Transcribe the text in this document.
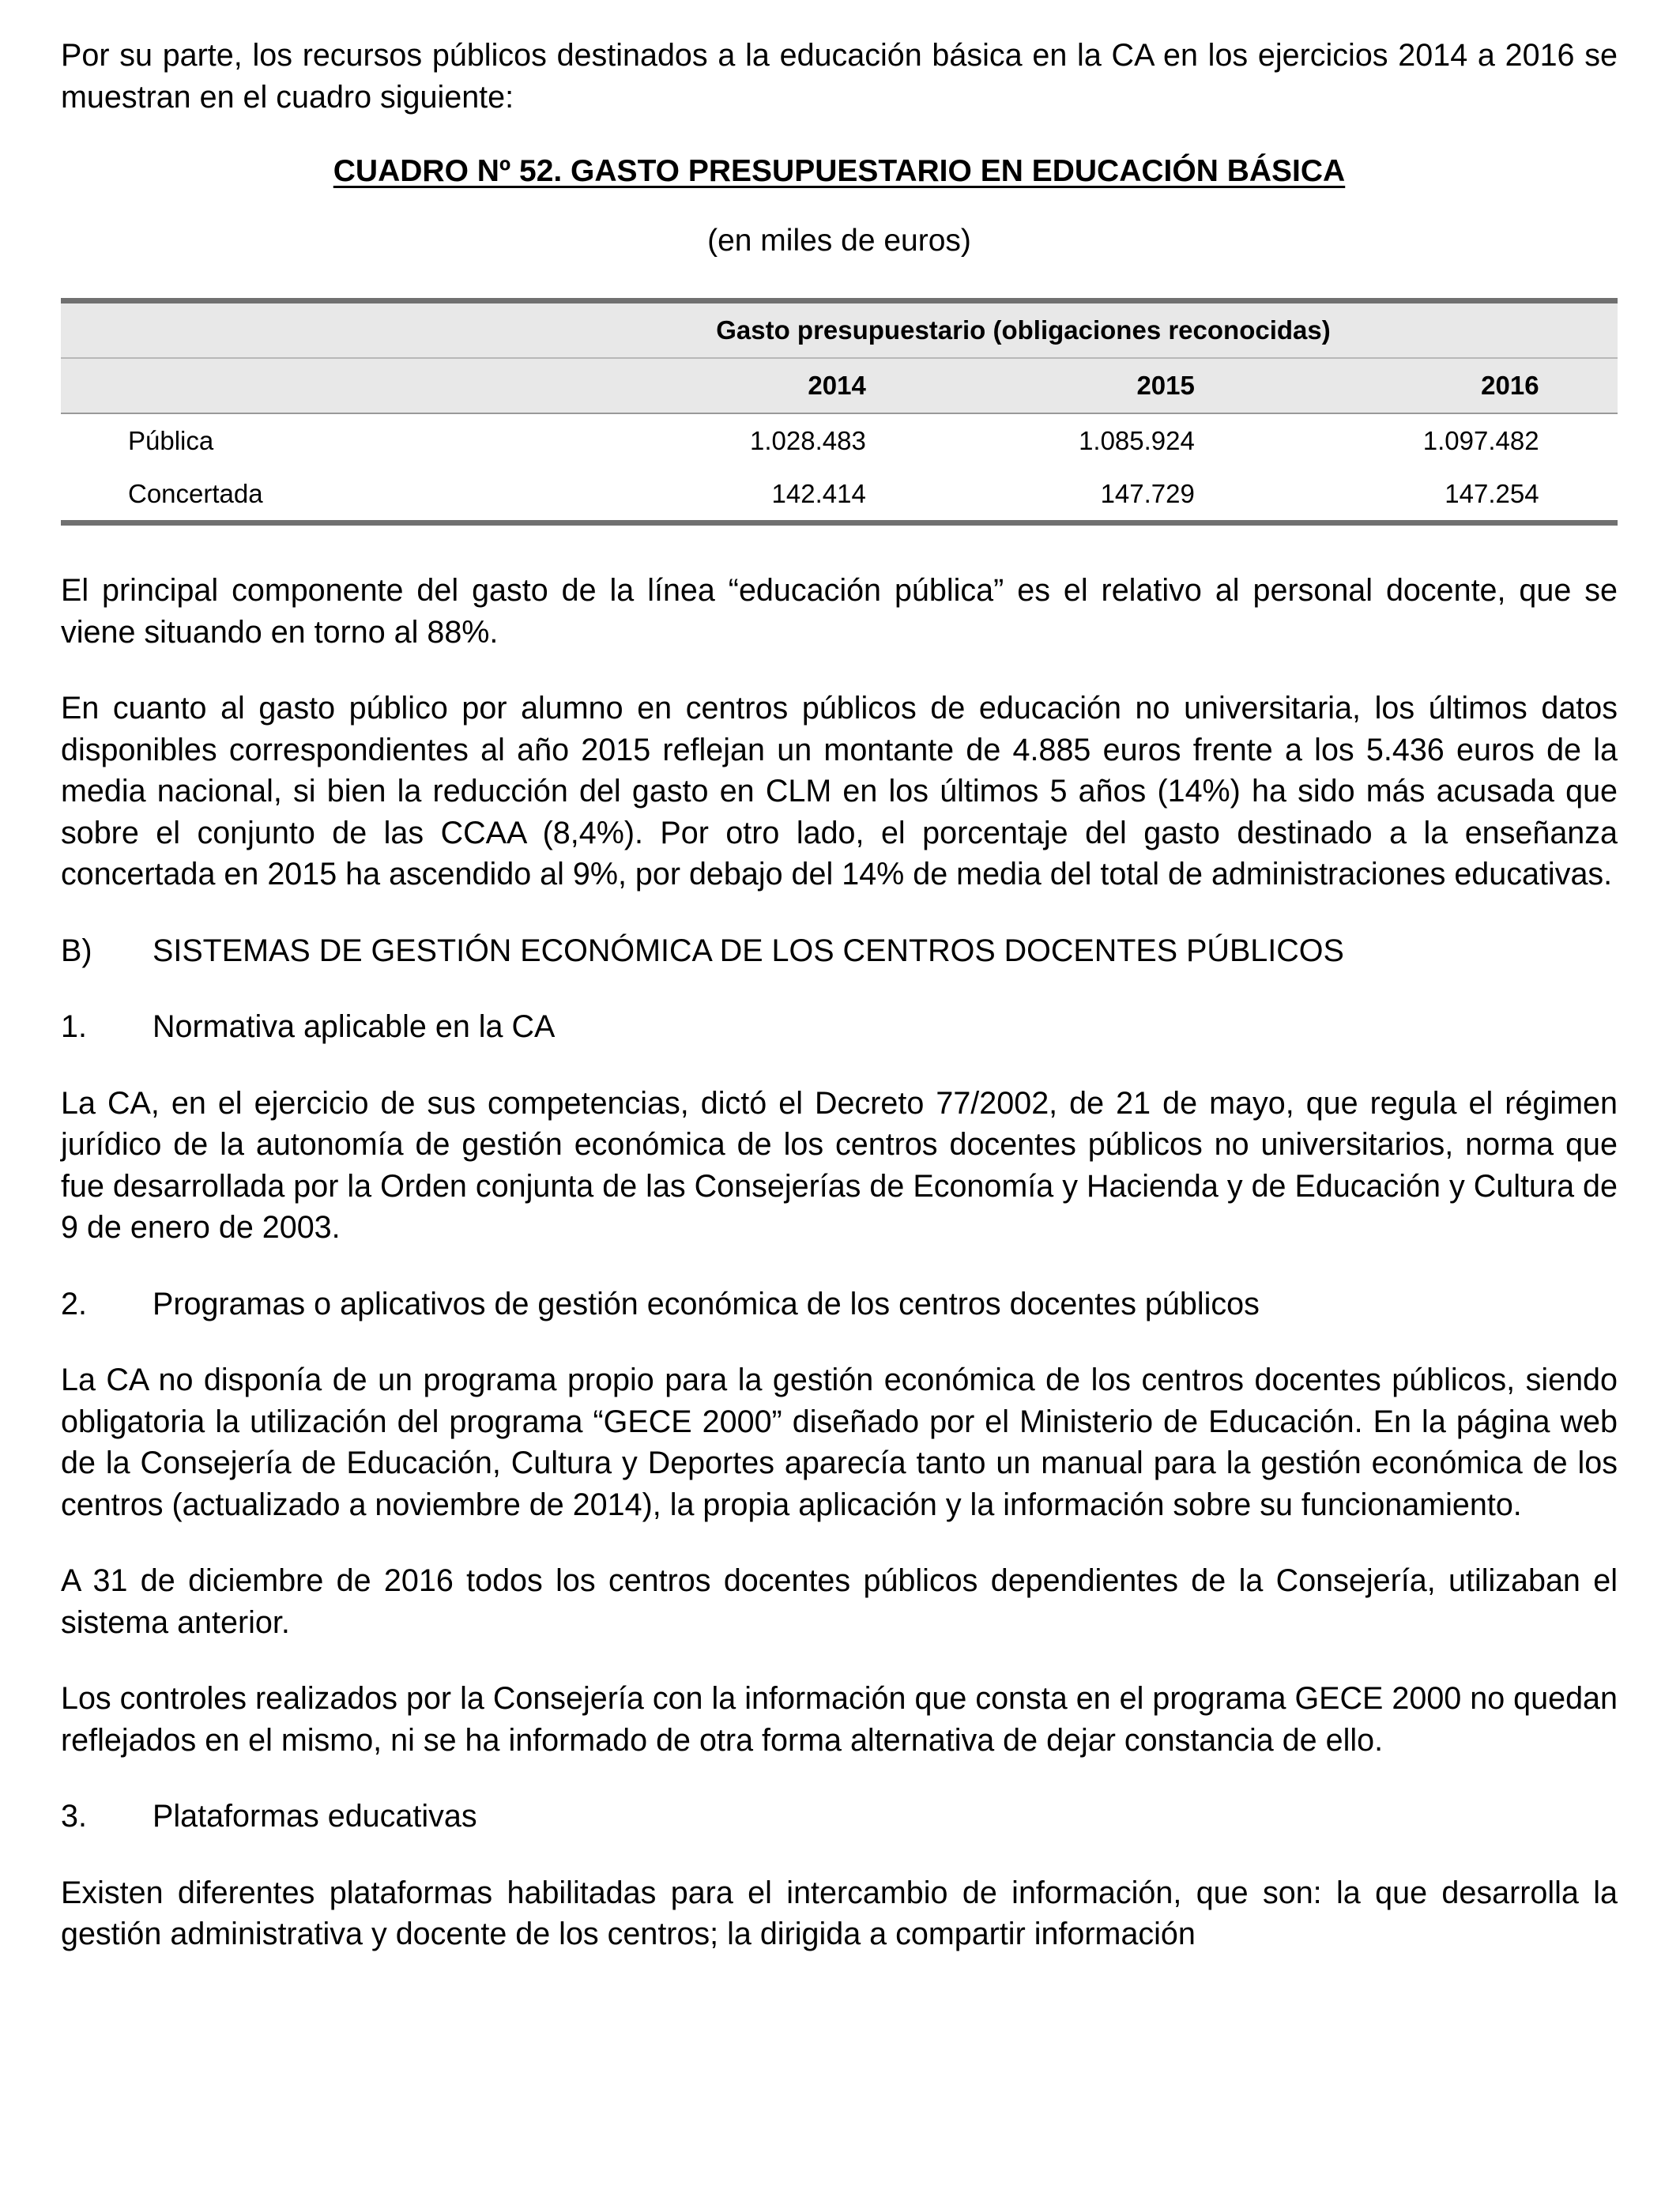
Por su parte, los recursos públicos destinados a la educación básica en la CA en los ejercicios 2014 a 2016 se muestran en el cuadro siguiente:

CUADRO Nº 52. GASTO PRESUPUESTARIO EN EDUCACIÓN BÁSICA
(en miles de euros)
	Gasto presupuestario (obligaciones reconocidas)			
	2014	2015	2016	
Pública	1.028.483	1.085.924	1.097.482	
Concertada	142.414	147.729	147.254	

El principal componente del gasto de la línea “educación pública” es el relativo al personal docente, que se viene situando en torno al 88%.

En cuanto al gasto público por alumno en centros públicos de educación no universitaria, los últimos datos disponibles correspondientes al año 2015 reflejan un montante de 4.885 euros frente a los 5.436 euros de la media nacional, si bien la reducción del gasto en CLM en los últimos 5 años (14%) ha sido más acusada que sobre el conjunto de las CCAA (8,4%). Por otro lado, el porcentaje del gasto destinado a la enseñanza concertada en 2015 ha ascendido al 9%, por debajo del 14% de media del total de administraciones educativas.

B)	SISTEMAS DE GESTIÓN ECONÓMICA DE LOS CENTROS DOCENTES PÚBLICOS
1.	Normativa aplicable en la CA

La CA, en el ejercicio de sus competencias, dictó el Decreto 77/2002, de 21 de mayo, que regula el régimen jurídico de la autonomía de gestión económica de los centros docentes públicos no universitarios, norma que fue desarrollada por la Orden conjunta de las Consejerías de Economía y Hacienda y de Educación y Cultura de 9 de enero de 2003.

2.	Programas o aplicativos de gestión económica de los centros docentes públicos

La CA no disponía de un programa propio para la gestión económica de los centros docentes públicos, siendo obligatoria la utilización del programa “GECE 2000” diseñado por el Ministerio de Educación. En la página web de la Consejería de Educación, Cultura y Deportes aparecía tanto un manual para la gestión económica de los centros (actualizado a noviembre de 2014), la propia aplicación y la información sobre su funcionamiento.

A 31 de diciembre de 2016 todos los centros docentes públicos dependientes de la Consejería, utilizaban el sistema anterior.

Los controles realizados por la Consejería con la información que consta en el programa GECE 2000 no quedan reflejados en el mismo, ni se ha informado de otra forma alternativa de dejar constancia de ello.

3.	Plataformas educativas

Existen diferentes plataformas habilitadas para el intercambio de información, que son: la que desarrolla la gestión administrativa y docente de los centros; la dirigida a compartir información
